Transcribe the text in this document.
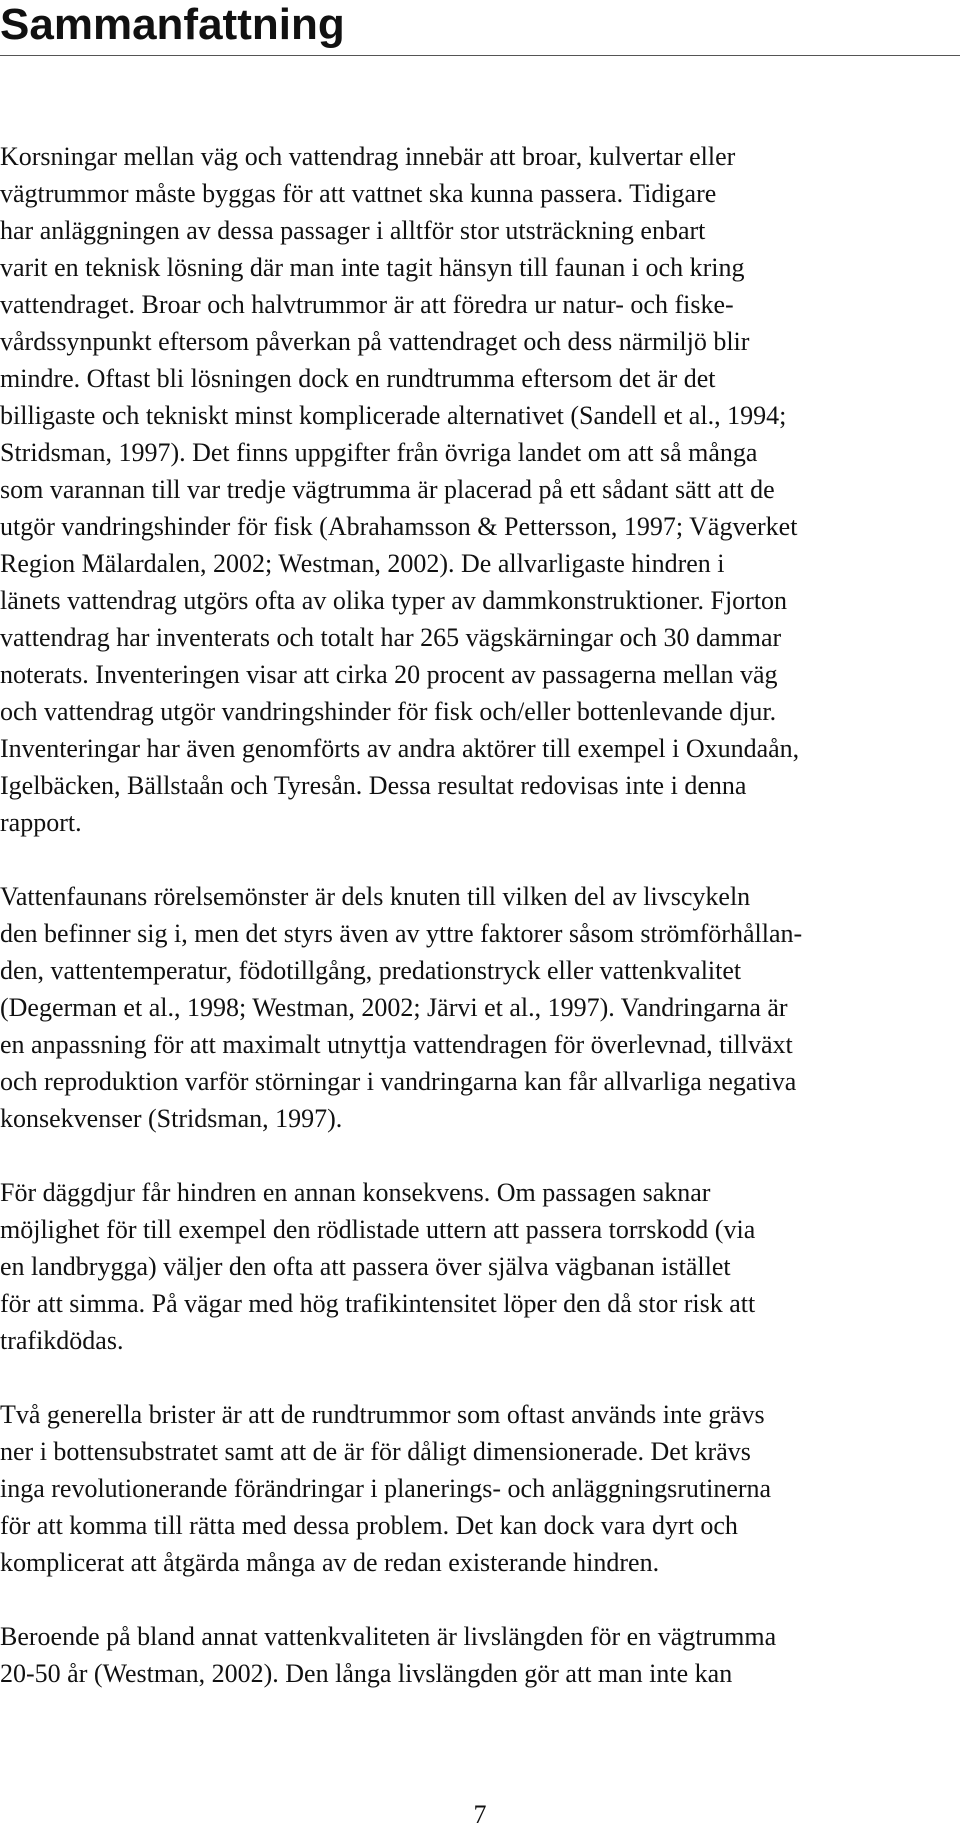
Sammanfattning

Korsningar mellan väg och vattendrag innebär att broar, kulvertar eller
vägtrummor måste byggas för att vattnet ska kunna passera. Tidigare
har anläggningen av dessa passager i alltför stor utsträckning enbart
varit en teknisk lösning där man inte tagit hänsyn till faunan i och kring
vattendraget. Broar och halvtrummor är att föredra ur natur- och fiske-
vårdssynpunkt eftersom påverkan på vattendraget och dess närmiljö blir
mindre. Oftast bli lösningen dock en rundtrumma eftersom det är det
billigaste och tekniskt minst komplicerade alternativet (Sandell et al., 1994;
Stridsman, 1997). Det finns uppgifter från övriga landet om att så många
som varannan till var tredje vägtrumma är placerad på ett sådant sätt att de
utgör vandringshinder för fisk (Abrahamsson & Pettersson, 1997; Vägverket
Region Mälardalen, 2002; Westman, 2002). De allvarligaste hindren i
länets vattendrag utgörs ofta av olika typer av dammkonstruktioner. Fjorton
vattendrag har inventerats och totalt har 265 vägskärningar och 30 dammar
noterats. Inventeringen visar att cirka 20 procent av passagerna mellan väg
och vattendrag utgör vandringshinder för fisk och/eller bottenlevande djur.
Inventeringar har även genomförts av andra aktörer till exempel i Oxundaån,
Igelbäcken, Bällstaån och Tyresån. Dessa resultat redovisas inte i denna
rapport.

Vattenfaunans rörelsemönster är dels knuten till vilken del av livscykeln
den befinner sig i, men det styrs även av yttre faktorer såsom strömförhållan-
den, vattentemperatur, födotillgång, predationstryck eller vattenkvalitet
(Degerman et al., 1998; Westman, 2002; Järvi et al., 1997). Vandringarna är
en anpassning för att maximalt utnyttja vattendragen för överlevnad, tillväxt
och reproduktion varför störningar i vandringarna kan får allvarliga negativa
konsekvenser (Stridsman, 1997).

För däggdjur får hindren en annan konsekvens. Om passagen saknar
möjlighet för till exempel den rödlistade uttern att passera torrskodd (via
en landbrygga) väljer den ofta att passera över själva vägbanan istället
för att simma. På vägar med hög trafikintensitet löper den då stor risk att
trafikdödas.

Två generella brister är att de rundtrummor som oftast används inte grävs
ner i bottensubstratet samt att de är för dåligt dimensionerade. Det krävs
inga revolutionerande förändringar i planerings- och anläggningsrutinerna
för att komma till rätta med dessa problem. Det kan dock vara dyrt och
komplicerat att åtgärda många av de redan existerande hindren.

Beroende på bland annat vattenkvaliteten är livslängden för en vägtrumma
20-50 år (Westman, 2002). Den långa livslängden gör att man inte kan

7
